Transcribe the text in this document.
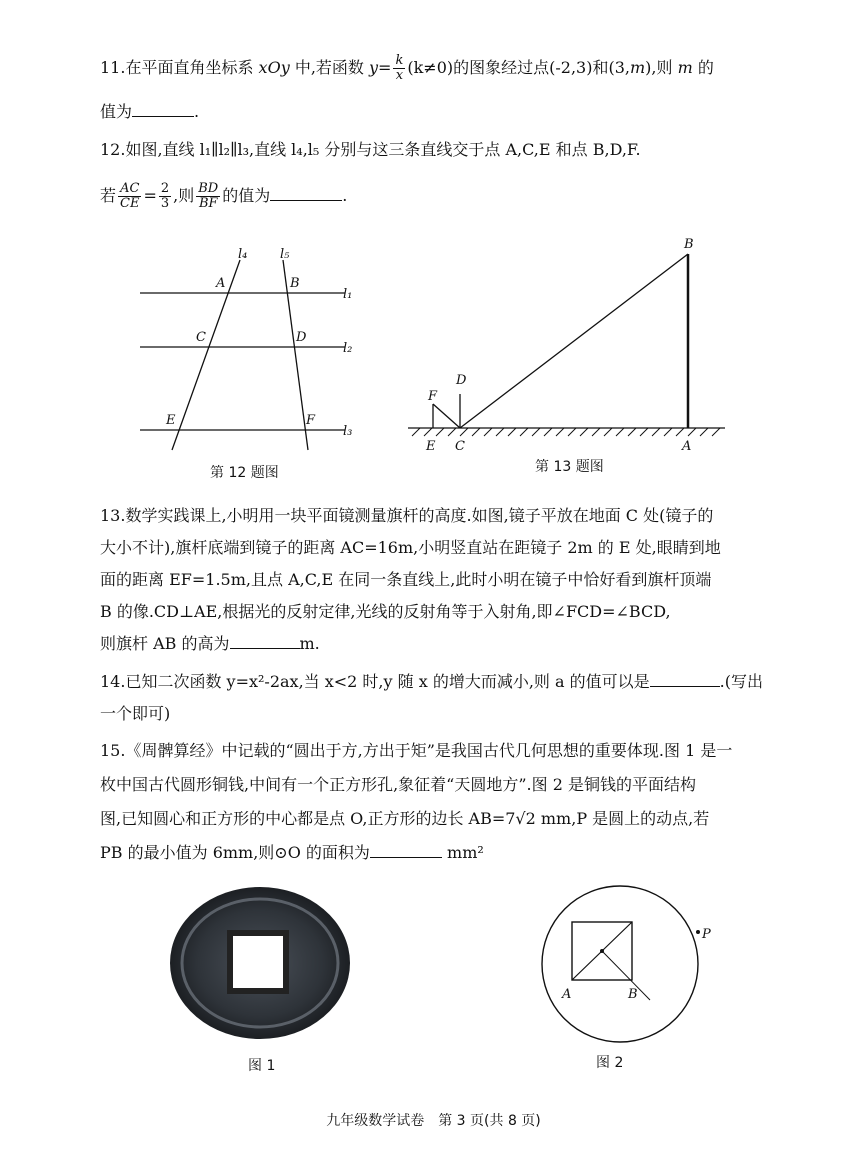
11.在平面直角坐标系 xOy 中,若函数 $y= \frac{k}{x} (k\ne 0)$的图象经过点(-2,3)和(3,m),则 m 的

值为	.

12.如图,直线 l₁∥l₂∥l₃,直线 l₄,l₅ 分别与这三条直线交于点 A,C,E 和点 B,D,F.

若 $\frac{AC}{CE} = \frac{2}{3}$ ,则 $\frac{BD}{BF}$ 的值为	.

l₄	l₅
l₁
l₂
l₃
A	B
C	D
E	F
第 12 题图
B
D
F
E C	A
第 13 题图

13.数学实践课上,小明用一块平面镜测量旗杆的高度.如图,镜子平放在地面 C 处(镜子的

大小不计),旗杆底端到镜子的距离 AC=16m,小明竖直站在距镜子 2m 的 E 处,眼睛到地

面的距离 EF=1.5m,且点 A,C,E 在同一条直线上,此时小明在镜子中恰好看到旗杆顶端

B 的像.CD⊥AE,根据光的反射定律,光线的反射角等于入射角,即∠FCD=∠BCD,

则旗杆 AB 的高为	m.

14.已知二次函数 y=x²-2ax,当 x<2 时,y 随 x 的增大而减小,则 a 的值可以是	.(写出

一个即可)

15.《周髀算经》中记载的“圆出于方,方出于矩”是我国古代几何思想的重要体现.图 1 是一

枚中国古代圆形铜钱,中间有一个正方形孔,象征着“天圆地方”.图 2 是铜钱的平面结构

图,已知圆心和正方形的中心都是点 O,正方形的边长 AB=7√2 mm,P 是圆上的动点,若

PB 的最小值为 6mm,则⊙O 的面积为	mm²

图 1
A	B
P
图 2
九年级数学试卷　第 3 页(共 8 页)
